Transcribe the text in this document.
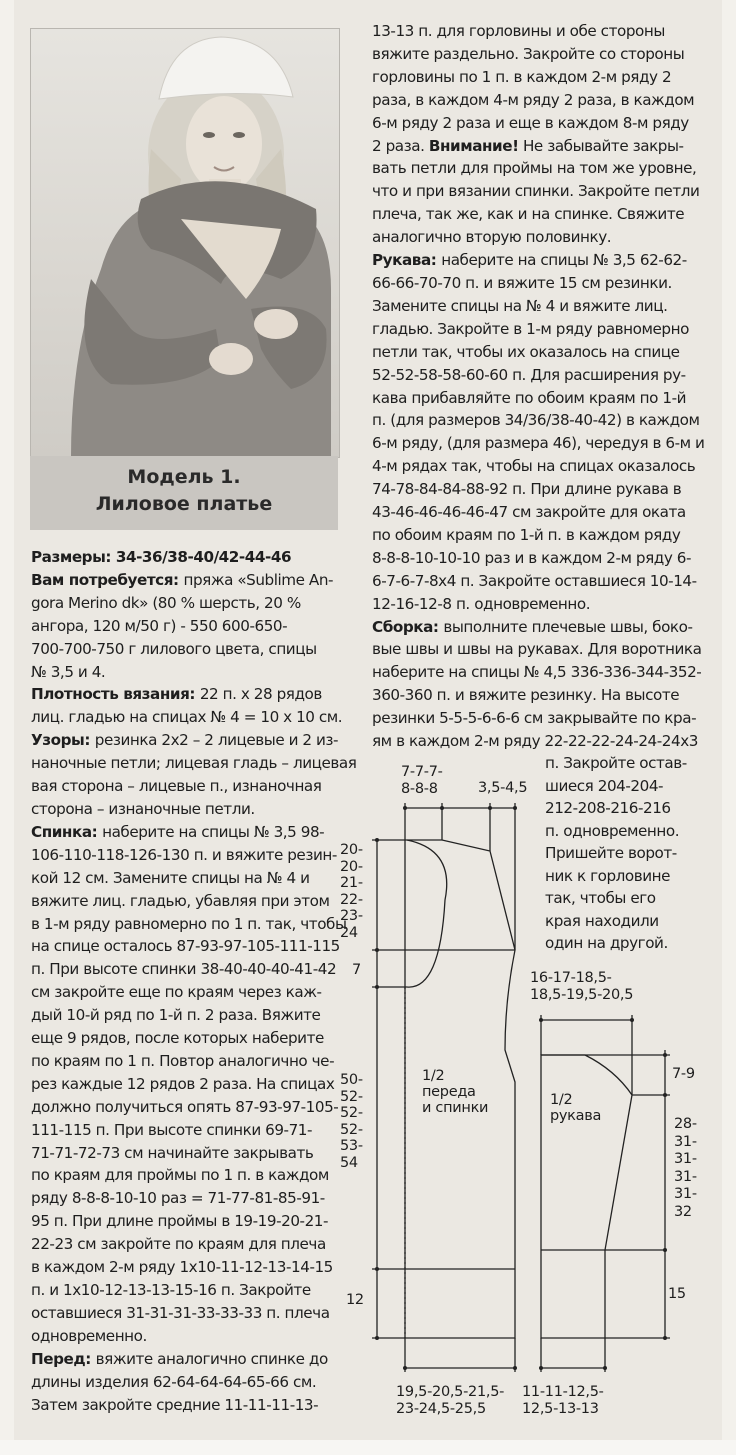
Модель 1.
Лиловое платье
Размеры: 34-36/38-40/42-44-46
Вам потребуется: пряжа «Sublime An-
gora Merino dk» (80 % шерсть, 20 %
ангора, 120 м/50 г) - 550 600-650-
700-700-750 г лилового цвета, спицы
№ 3,5 и 4.
Плотность вязания: 22 п. х 28 рядов
лиц. гладью на спицах № 4 = 10 х 10 см.
Узоры: резинка 2х2 – 2 лицевые и 2 из-
наночные петли; лицевая гладь – лицевая
вая сторона – лицевые п., изнаночная
сторона – изнаночные петли.
Спинка: наберите на спицы № 3,5 98-
106-110-118-126-130 п. и вяжите резин-
кой 12 см. Замените спицы на № 4 и
вяжите лиц. гладью, убавляя при этом
в 1-м ряду равномерно по 1 п. так, чтобы
на спице осталось 87-93-97-105-111-115
п. При высоте спинки 38-40-40-40-41-42
см закройте еще по краям через каж-
дый 10-й ряд по 1-й п. 2 раза. Вяжите
еще 9 рядов, после которых наберите
по краям по 1 п. Повтор аналогично че-
рез каждые 12 рядов 2 раза. На спицах
должно получиться опять 87-93-97-105-
111-115 п. При высоте спинки 69-71-
71-71-72-73 см начинайте закрывать
по краям для проймы по 1 п. в каждом
ряду 8-8-8-10-10 раз = 71-77-81-85-91-
95 п. При длине проймы в 19-19-20-21-
22-23 см закройте по краям для плеча
в каждом 2-м ряду 1х10-11-12-13-14-15
п. и 1х10-12-13-13-15-16 п. Закройте
оставшиеся 31-31-31-33-33-33 п. плеча
одновременно.
Перед: вяжите аналогично спинке до
длины изделия 62-64-64-64-65-66 см.
Затем закройте средние 11-11-11-13-
13-13 п. для горловины и обе стороны
вяжите раздельно. Закройте со стороны
горловины по 1 п. в каждом 2-м ряду 2
раза, в каждом 4-м ряду 2 раза, в каждом
6-м ряду 2 раза и еще в каждом 8-м ряду
2 раза. Внимание! Не забывайте закры-
вать петли для проймы на том же уровне,
что и при вязании спинки. Закройте петли
плеча, так же, как и на спинке. Свяжите
аналогично вторую половинку.
Рукава: наберите на спицы № 3,5 62-62-
66-66-70-70 п. и вяжите 15 см резинки.
Замените спицы на № 4 и вяжите лиц.
гладью. Закройте в 1-м ряду равномерно
петли так, чтобы их оказалось на спице
52-52-58-58-60-60 п. Для расширения ру-
кава прибавляйте по обоим краям по 1-й
п. (для размеров 34/36/38-40-42) в каждом
6-м ряду, (для размера 46), чередуя в 6-м и
4-м рядах так, чтобы на спицах оказалось
74-78-84-84-88-92 п. При длине рукава в
43-46-46-46-46-47 см закройте для оката
по обоим краям по 1-й п. в каждом ряду
8-8-8-10-10-10 раз и в каждом 2-м ряду 6-
6-7-6-7-8х4 п. Закройте оставшиеся 10-14-
12-16-12-8 п. одновременно.
Сборка: выполните плечевые швы, боко-
вые швы и швы на рукавах. Для воротника
наберите на спицы № 4,5 336-336-344-352-
360-360 п. и вяжите резинку. На высоте
резинки 5-5-5-6-6-6 см закрывайте по кра-
ям в каждом 2-м ряду 22-22-22-24-24-24х3
п. Закройте остав-
шиеся 204-204-
212-208-216-216
п. одновременно.
Пришейте ворот-
ник к горловине
так, чтобы его
края находили
один на другой.
7-7-7-
8-8-8	3,5-4,5
20-
20-
21-
22-
23-
24
7
50-
52-
52-
52-
53-
54
12
1/2
переда
и спинки
19,5-20,5-21,5-
23-24,5-25,5
16-17-18,5-
18,5-19,5-20,5
7-9
28-
31-
31-
31-
31-
32
15
1/2
рукава
11-11-12,5-
12,5-13-13
